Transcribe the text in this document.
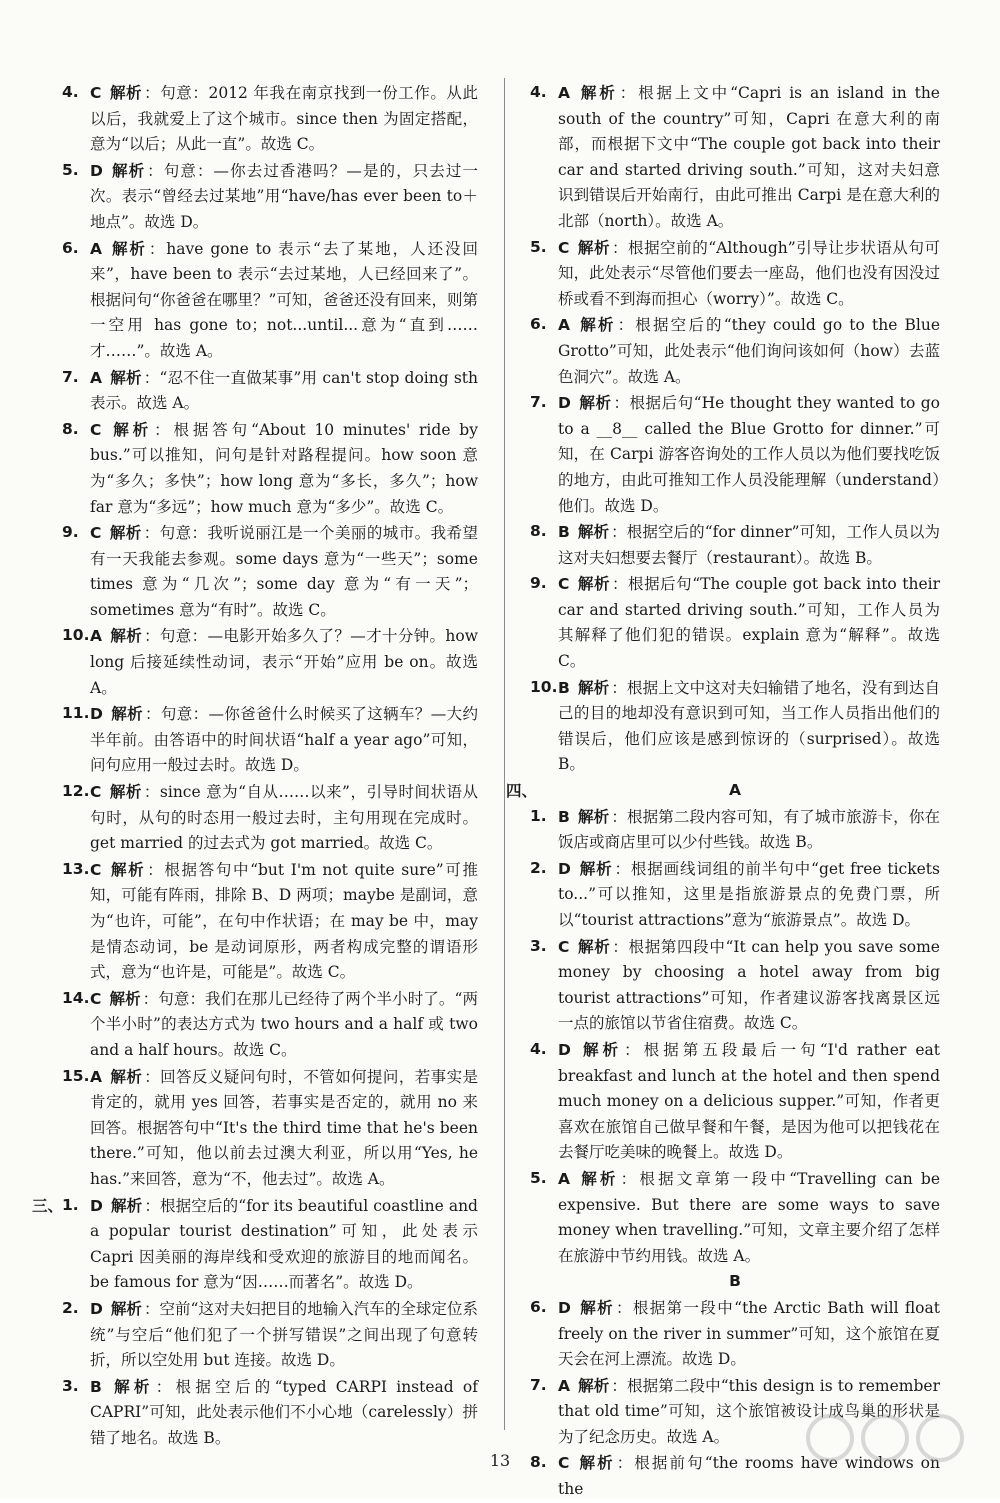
4. C 解析 ：句意：2012 年我在南京找到一份工作。从此以后，我就爱上了这个城市。since then 为固定搭配，意为“以后；从此一直”。故选 C。
5. D 解析 ：句意：—你去过香港吗？—是的，只去过一次。表示“曾经去过某地”用“have/has ever been to＋地点”。故选 D。
6. A 解析 ：have gone to 表示“去了某地，人还没回来”，have been to 表示“去过某地，人已经回来了”。根据问句“你爸爸在哪里？”可知，爸爸还没有回来，则第一空用 has gone to；not...until...意为“直到……才……”。故选 A。
7. A 解析 ：“忍不住一直做某事”用 can't stop doing sth 表示。故选 A。
8. C 解析 ：根据答句“About 10 minutes' ride by bus.”可以推知，问句是针对路程提问。how soon 意为“多久；多快”；how long 意为“多长，多久”；how far 意为“多远”；how much 意为“多少”。故选 C。
9. C 解析 ：句意：我听说丽江是一个美丽的城市。我希望有一天我能去参观。some days 意为“一些天”；some times 意为“几次”；some day 意为“有一天”；sometimes 意为“有时”。故选 C。
10. A 解析 ：句意：—电影开始多久了？—才十分钟。how long 后接延续性动词，表示“开始”应用 be on。故选 A。
11. D 解析 ：句意：—你爸爸什么时候买了这辆车？—大约半年前。由答语中的时间状语“half a year ago”可知，问句应用一般过去时。故选 D。
12. C 解析 ：since 意为“自从……以来”，引导时间状语从句时，从句的时态用一般过去时，主句用现在完成时。get married 的过去式为 got married。故选 C。
13. C 解析 ：根据答句中“but I'm not quite sure”可推知，可能有阵雨，排除 B、D 两项；maybe 是副词，意为“也许，可能”，在句中作状语；在 may be 中，may 是情态动词，be 是动词原形，两者构成完整的谓语形式，意为“也许是，可能是”。故选 C。
14. C 解析 ：句意：我们在那儿已经待了两个半小时了。“两个半小时”的表达方式为 two hours and a half 或 two and a half hours。故选 C。
15. A 解析 ：回答反义疑问句时，不管如何提问，若事实是肯定的，就用 yes 回答，若事实是否定的，就用 no 来回答。根据答句中“It's the third time that he's been there.”可知，他以前去过澳大利亚，所以用“Yes, he has.”来回答，意为“不，他去过”。故选 A。
三、
1. D 解析 ：根据空后的“for its beautiful coastline and a popular tourist destination”可知，此处表示 Capri 因美丽的海岸线和受欢迎的旅游目的地而闻名。be famous for 意为“因……而著名”。故选 D。
2. D 解析 ：空前“这对夫妇把目的地输入汽车的全球定位系统”与空后“他们犯了一个拼写错误”之间出现了句意转折，所以空处用 but 连接。故选 D。
3. B 解析 ：根据空后的“typed CARPI instead of CAPRI”可知，此处表示他们不小心地（carelessly）拼错了地名。故选 B。
4. A 解析 ：根据上文中“Capri is an island in the south of the country”可知，Capri 在意大利的南部，而根据下文中“The couple got back into their car and started driving south.”可知，这对夫妇意识到错误后开始南行，由此可推出 Carpi 是在意大利的北部（north）。故选 A。
5. C 解析 ：根据空前的“Although”引导让步状语从句可知，此处表示“尽管他们要去一座岛，他们也没有因没过桥或看不到海而担心（worry）”。故选 C。
6. A 解析 ：根据空后的“they could go to the Blue Grotto”可知，此处表示“他们询问该如何（how）去蓝色洞穴”。故选 A。
7. D 解析 ：根据后句“He thought they wanted to go to a __8__ called the Blue Grotto for dinner.”可知，在 Carpi 游客咨询处的工作人员以为他们要找吃饭的地方，由此可推知工作人员没能理解（understand）他们。故选 D。
8. B 解析 ：根据空后的“for dinner”可知，工作人员以为这对夫妇想要去餐厅（restaurant）。故选 B。
9. C 解析 ：根据后句“The couple got back into their car and started driving south.”可知，工作人员为其解释了他们犯的错误。explain 意为“解释”。故选 C。
10. B 解析 ：根据上文中这对夫妇输错了地名，没有到达自己的目的地却没有意识到可知，当工作人员指出他们的错误后，他们应该是感到惊讶的（surprised）。故选 B。
四、	A
1. B 解析 ：根据第二段内容可知，有了城市旅游卡，你在饭店或商店里可以少付些钱。故选 B。
2. D 解析 ：根据画线词组的前半句中“get free tickets to...”可以推知，这里是指旅游景点的免费门票，所以“tourist attractions”意为“旅游景点”。故选 D。
3. C 解析 ：根据第四段中“It can help you save some money by choosing a hotel away from big tourist attractions”可知，作者建议游客找离景区远一点的旅馆以节省住宿费。故选 C。
4. D 解析 ：根据第五段最后一句“I'd rather eat breakfast and lunch at the hotel and then spend much money on a delicious supper.”可知，作者更喜欢在旅馆自己做早餐和午餐，是因为他可以把钱花在去餐厅吃美味的晚餐上。故选 D。
5. A 解析 ：根据文章第一段中“Travelling can be expensive. But there are some ways to save money when travelling.”可知，文章主要介绍了怎样在旅游中节约用钱。故选 A。
B
6. D 解析 ：根据第一段中“the Arctic Bath will float freely on the river in summer”可知，这个旅馆在夏天会在河上漂流。故选 D。
7. A 解析 ：根据第二段中“this design is to remember that old time”可知，这个旅馆被设计成鸟巢的形状是为了纪念历史。故选 A。
8. C 解析 ：根据前句“the rooms have windows on the
13
